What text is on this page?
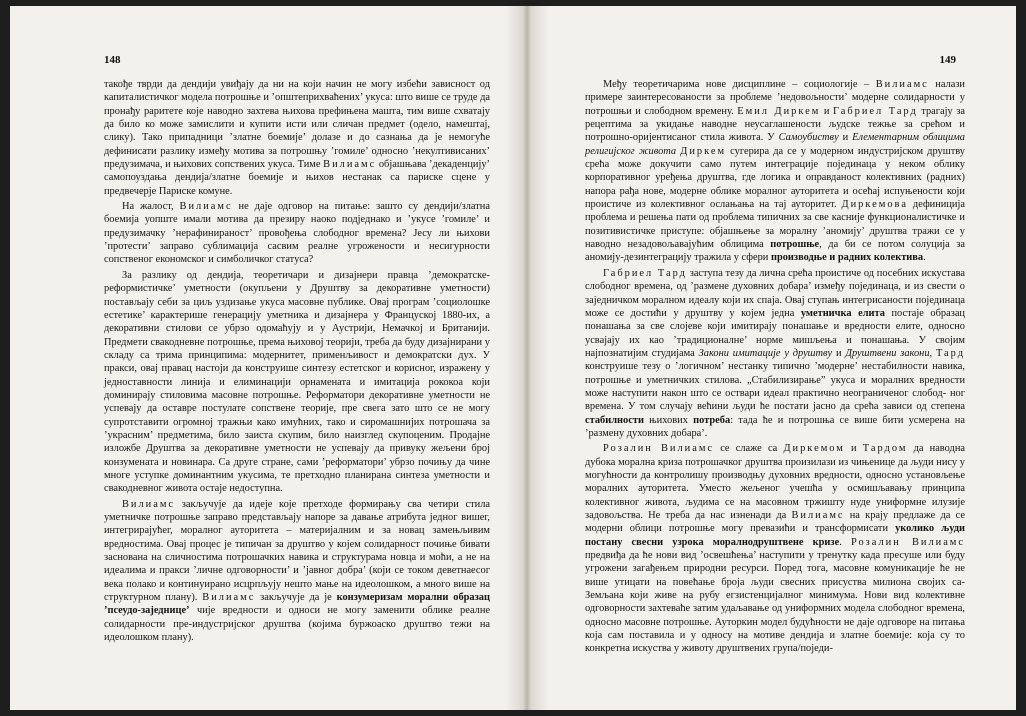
148

такође тврди да дендији увиђају да ни на који начин не могу избећи зависност од капиталистичког модела потрошње и ’општеприхваћених’ укуса: што више се труде да пронађу раритете које наводно захтева њихова префињена машта, тим више схватају да било ко може замислити и купити исти или сличан предмет (одело, намештај, слику). Тако припадници ’златне боемије’ долазе и до сазнања да је немогуће дефинисати разлику између мотива за потрошњу ’гомиле’ односно ’некултивисаних’ предузимача, и њихових сопствених укуса. Тиме Вилиамс објашњава ’декаденцију’ самопоуздања дендија/златне боемије и њихов нестанак са париске сцене у предвечерје Париске комуне.

На жалост, Вилиамс не даје одговор на питање: зашто су дендији/златна боемија уопште имали мотива да презиру наоко подједнако и ’укусе ’гомиле’ и предузимачку ’нерафинираност’ провођења слободног времена? Јесу ли њихови ’протести’ заправо сублимација сасвим реалне угрожености и несигурности сопственог економског и симболичког статуса?

За разлику од дендија, теоретичари и дизајнери правца ’демократске-реформистичке’ уметности (окупљени у Друштву за декоративне уметности) постављају себи за циљ уздизање укуса масовне публике. Овај програм ’социолошке естетике’ карактерише генерацију уметника и дизајнера у Француској 1880-их, а декоративни стилови се убрзо одомаћују и у Аустрији, Немачкој и Британији. Предмети свакодневне потрошње, према њиховој теорији, треба да буду дизајнирани у складу са трима принципима: модернитет, применљивост и демократски дух. У пракси, овај правац настоји да конструише синтезу естетског и корисног, изражену у једноставности линија и елиминацији орнамената и имитација рококоа који доминирају стиловима масовне потрошње. Реформатори декоративне уметности не успевају да оставре постулате сопствене теорије, пре свега зато што се не могу супротставити огромној тражњи како имућних, тако и сиромашнијих потрошача за ’украсним’ предметима, било заиста скупим, било наизглед скупоценим. Продајне изложбе Друштва за декоративне уметности не успевају да привуку жељени број конзумената и новинара. Са друге стране, сами ’реформатори’ убрзо почињу да чине многе уступке доминантним укусима, те претходно планирана синтеза уметности и свакодневног живота остаје недоступна.

Вилиамс закључује да идеје које претходе формирању сва четири стила уметничке потрошње заправо представљају напоре за давање атрибута једног вишег, интегрирајућег, моралног ауторитета – материјалним и за новац замењљивим вредностима. Овај процес је типичан за друштво у којем солидарност почиње бивати заснована на сличностима потрошачких навика и структурама новца и моћи, а не на идеалима и пракси ’личне одговорности’ и ’јавног добра’ (који се током деветнаесог века полако и континуирано исцрпљују нешто мање на идеолошком, а много више на структурном плану). Вилиамс закључује да је конзумеризам морални образац ’псеудо-заједнице’ чије вредности и односи не могу заменити облике реалне солидарности пре-индустријског друштва (којима буржоаско друштво тежи на идеолошком плану).

149

Међу теоретичарима нове дисциплине – социологије – Вилиамс налази примере заинтересованости за проблеме ’недовољности’ модерне солидарности у потрошњи и слободном времену. Емил Диркем и Габриел Тард трагају за рецептима за укидање наводне неусаглашености људске тежње за срећом и потрошно-оријентисаног стила живота. У Самоубиству и Елементарним облицима религијског живота Диркем сугерира да се у модерном индустријском друштву срећа може докучити само путем интеграције појединаца у неком облику корпоративног уређења друштва, где логика и оправданост колективних (радних) напора рађа нове, модерне облике моралног ауторитета и осећај испуњености који проистиче из колективног ослањања на тај ауторитет. Диркемова дефиниција проблема и решења пати од проблема типичних за све касније функционалистичке и позитивистичке приступе: објашњење за моралну ’аномију’ друштва тражи се у наводно незадовољавајућим облицима потрошње, да би се потом солуција за аномију-дезинтеграцију тражила у сфери производње и радних колектива.

Габриел Тард заступа тезу да лична срећа проистиче од посебних искустава слободног времена, од ’размене духовних добара’ између појединаца, и из свести о заједничком моралном идеалу који их спаја. Овај ступањ интегрисаности појединаца може се достићи у друштву у којем једна уметничка елита постаје образац понашања за све слојеве који имитирају понашање и вредности елите, односно усвајају их као ’традиционалне’ норме мишљења и понашања. У својим најпознатијим студијама Закони имитације у друштву и Друштвени закони, Тард конструише тезу о ’логичном’ нестанку типично ’модерне’ нестабилности навика, потрошње и уметничких стилова. „Стабилизирање” укуса и моралних вредности може наступити након што се оствари идеал практично неограниченог слобод- ног времена. У том случају већини људи ће постати јасно да срећа зависи од степена стабилности њихових потреба: тада ће и потрошња се више бити усмерена на ’размену духовних добара’.

Розалин Вилиамс се слаже са Диркемом и Тардом да наводна дубока морална криза потрошачког друштва произилази из чињенице да људи нису у могућности да контролишу производњу духовних вредности, односно установљење моралних ауторитета. Уместо жељеног учешћа у осмишљавању принципа колективног живота, људима се на масовном тржишту нуде униформне илузије задовољства. Не треба да нас изненади да Вилиамс на крају предлаже да се модерни облици потрошње могу превазићи и трансформисати уколико људи постану свесни узрока моралнодруштвене кризе. Розалин Вилиамс предвиђа да ће нови вид ’освешћења’ наступити у тренутку када пресуше или буду угрожени загађењем природни ресурси. Поред тога, масовне комуникације ће не више утицати на повећање броја људи свесних присуства милиона својих са-Земљана који живе на рубу егзистенцијалног минимума. Нови вид колективне одговорности захтеваће затим удаљавање од униформних модела слободног времена, односно масовне потрошње. Ауторкин модел будућности не даје одговоре на питања која сам поставила и у односу на мотиве дендија и златне боемије: која су то конкретна искуства у животу друштвених група/поједи-
